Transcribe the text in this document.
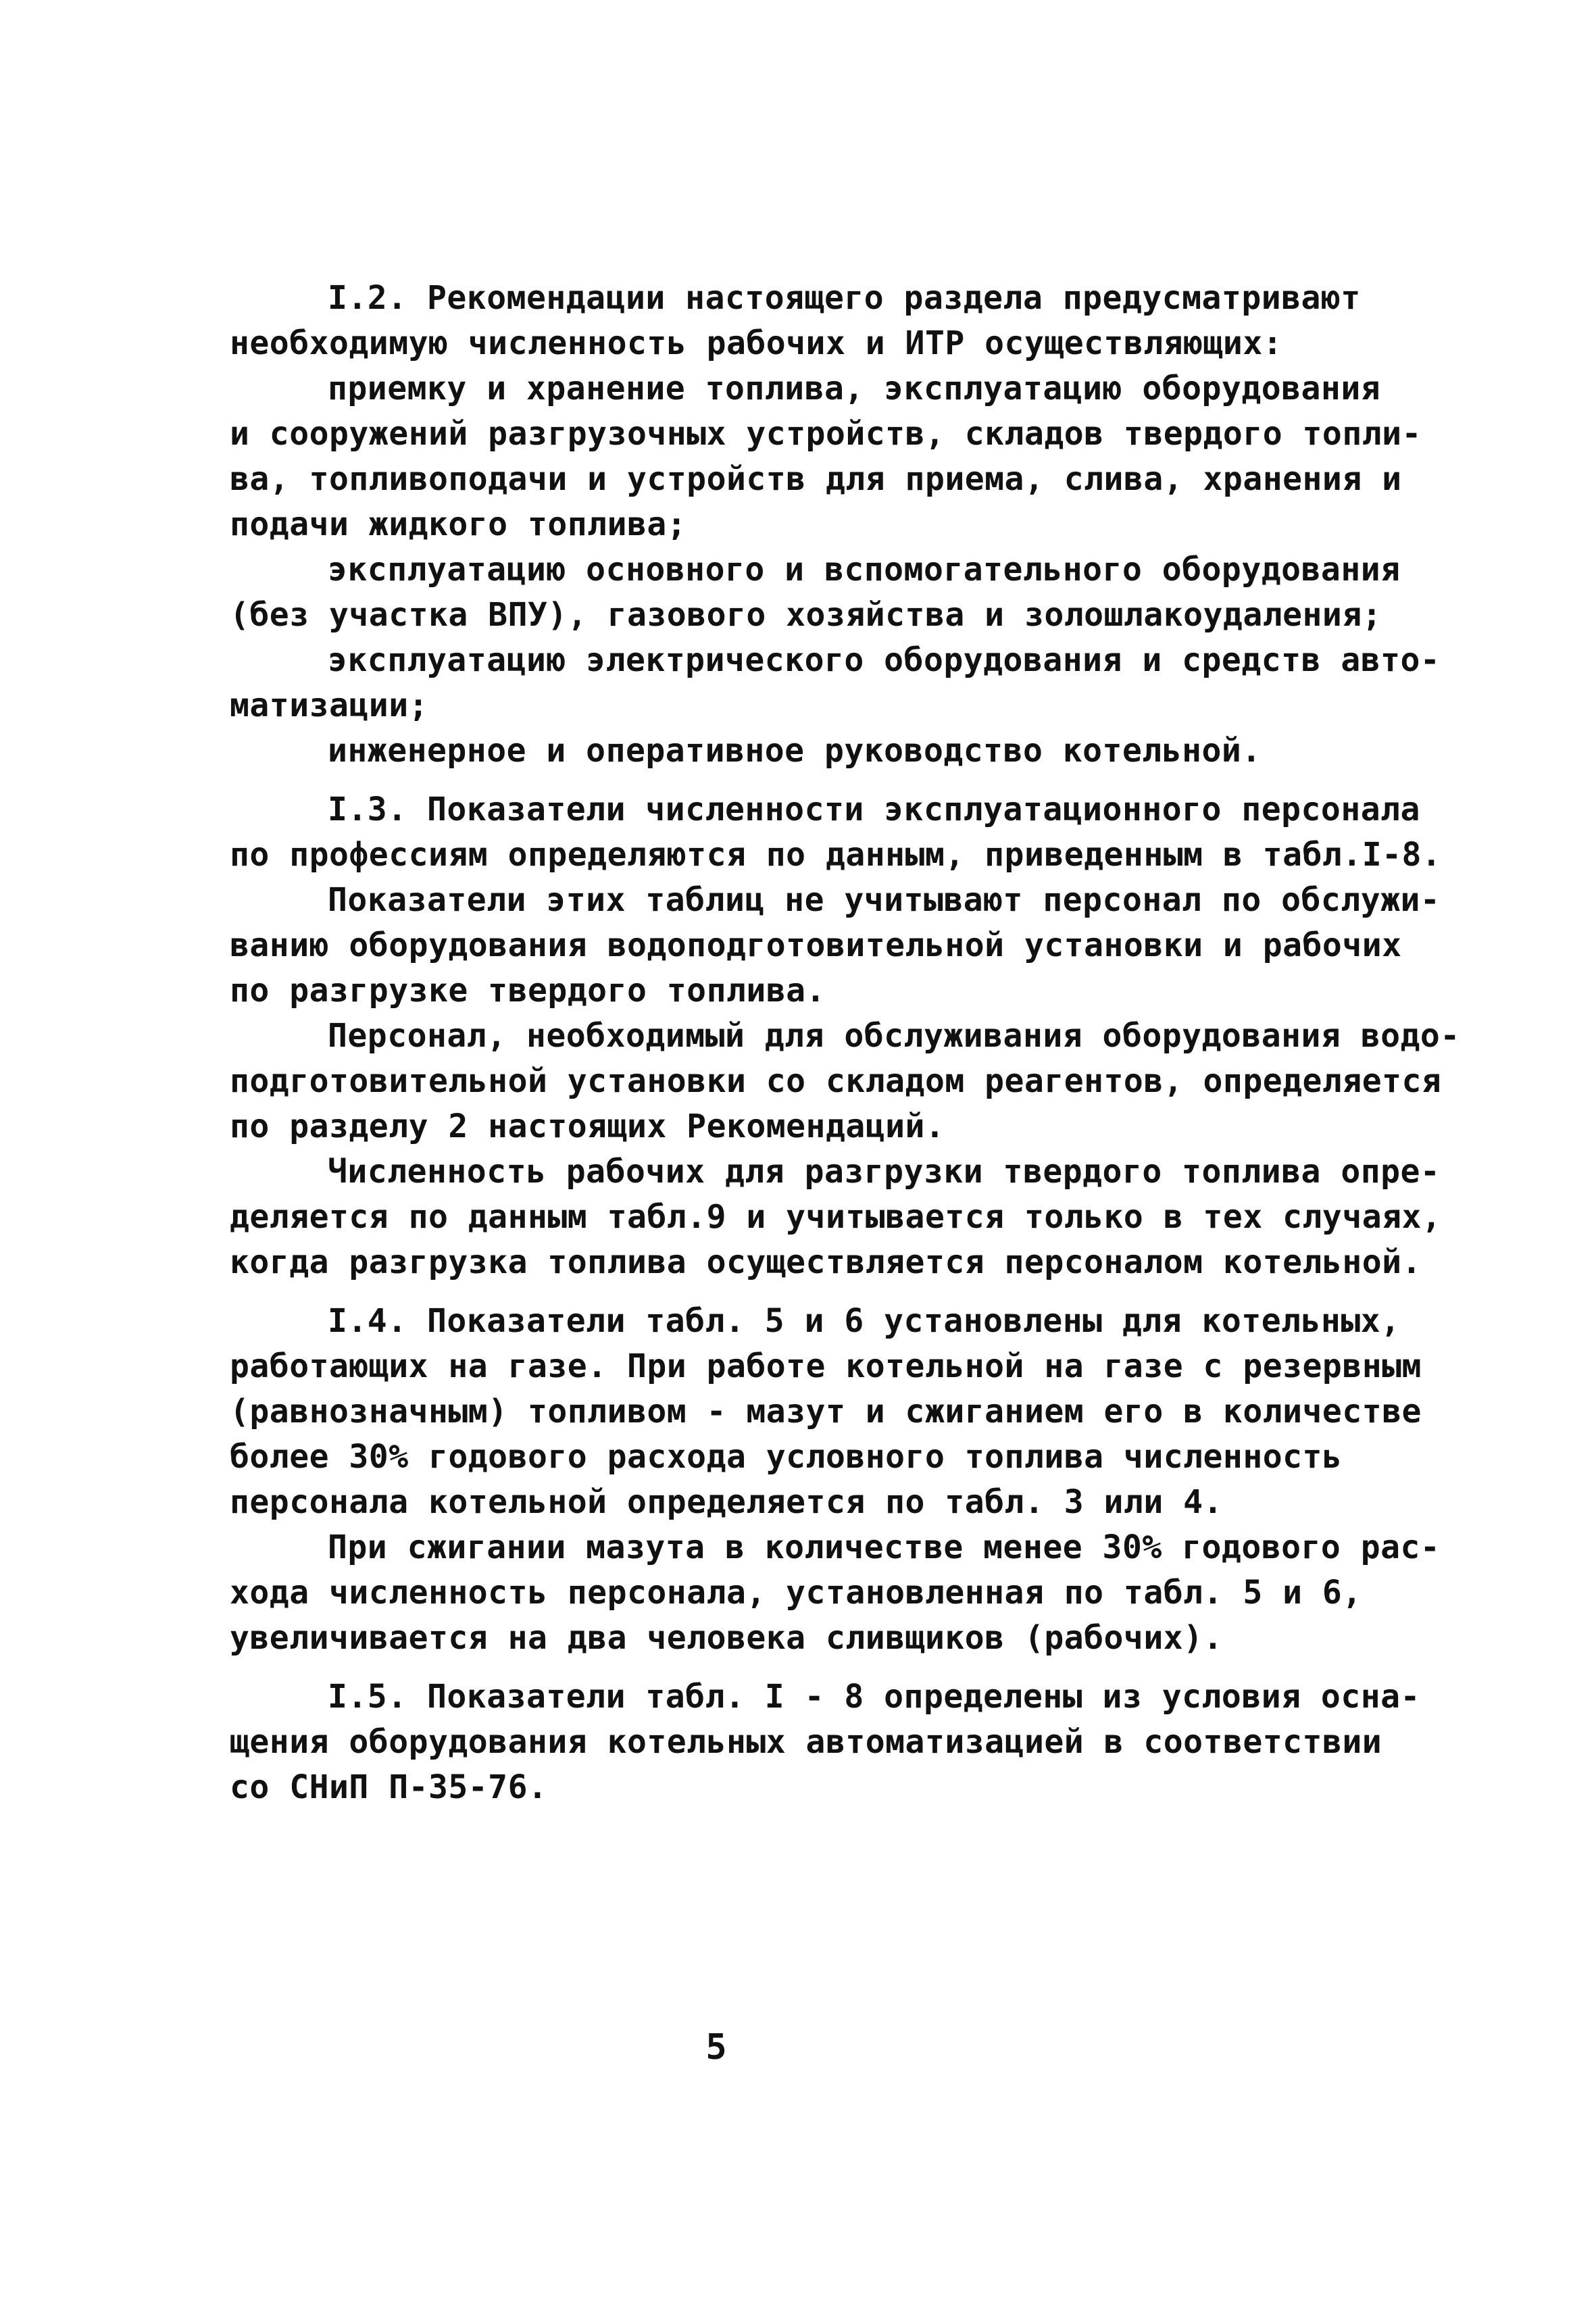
I.2. Рекомендации настоящего раздела предусматривают
необходимую численность рабочих и ИТР осуществляющих:
приемку и хранение топлива, эксплуатацию оборудования
и сооружений разгрузочных устройств, складов твердого топли-
ва, топливоподачи и устройств для приема, слива, хранения и
подачи жидкого топлива;
эксплуатацию основного и вспомогательного оборудования
(без участка ВПУ), газового хозяйства и золошлакоудаления;
эксплуатацию электрического оборудования и средств авто-
матизации;
инженерное и оперативное руководство котельной.
I.3. Показатели численности эксплуатационного персонала
по профессиям определяются по данным, приведенным в табл.I-8.
Показатели этих таблиц не учитывают персонал по обслужи-
ванию оборудования водоподготовительной установки и рабочих
по разгрузке твердого топлива.
Персонал, необходимый для обслуживания оборудования водо-
подготовительной установки со складом реагентов, определяется
по разделу 2 настоящих Рекомендаций.
Численность рабочих для разгрузки твердого топлива опре-
деляется по данным табл.9 и учитывается только в тех случаях,
когда разгрузка топлива осуществляется персоналом котельной.
I.4. Показатели табл. 5 и 6 установлены для котельных,
работающих на газе. При работе котельной на газе с резервным
(равнозначным) топливом - мазут и сжиганием его в количестве
более 30% годового расхода условного топлива численность
персонала котельной определяется по табл. 3 или 4.
При сжигании мазута в количестве менее 30% годового рас-
хода численность персонала, установленная по табл. 5 и 6,
увеличивается на два человека сливщиков (рабочих).
I.5. Показатели табл. I - 8 определены из условия осна-
щения оборудования котельных автоматизацией в соответствии
со СНиП П-35-76.
5
